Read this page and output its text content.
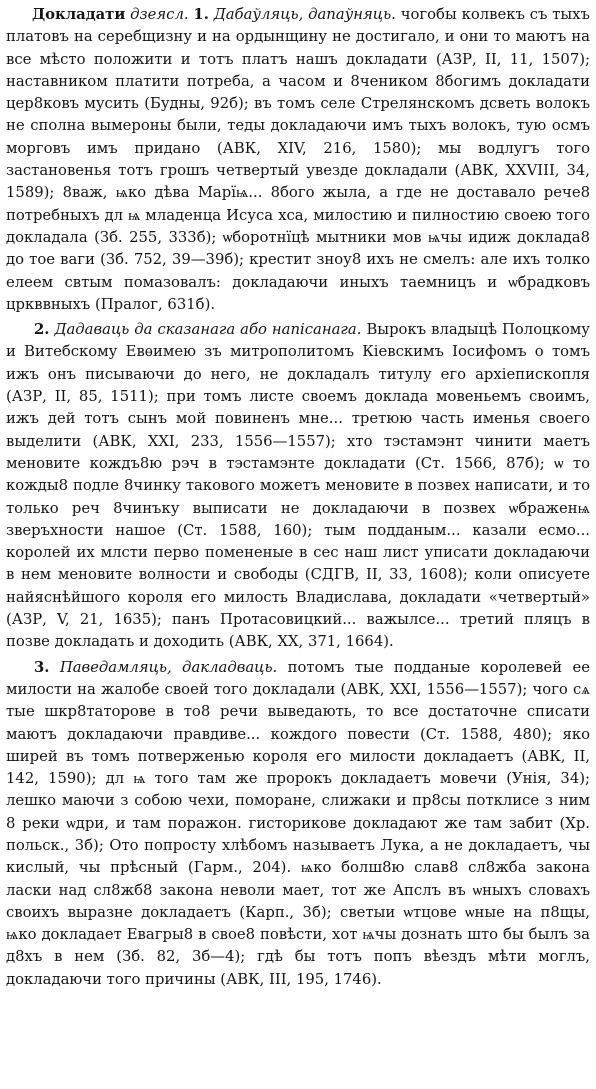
Докладати дзеясл. 1. Дабаўляць, дапаўняць. чогобы колвекъ съ тыхъ платовъ на серебщизну и на ордынщину не достигало, и они то маютъ на все мѣсто положити и тотъ платъ нашъ докладати (АЗР, II, 11, 1507); наставником платити потреба, а часом и 8чеником 8богимъ докладати цер8ковъ мусить (Будны, 92б); въ томъ селе Стрелянскомъ дсветь волокъ не сполна вымероны были, теды докладаючи имъ тыхъ волокъ, тую осмъ морговъ имъ придано (АВК, XIV, 216, 1580); мы водлугъ того застановенья тотъ грошъ четвертый увезде докладали (АВК, XXVIII, 34, 1589); 8важ, ѩко дѣва Марїѩ... 8бого жыла, а где не доставало рече8 потребныхъ дл ѩ младенца Исуса хса, милостию и пилностию своею того докладала (Зб. 255, 333б); ѡборотнїцѣ мытники мов ѩчы идиж доклада8 до тое ваги (Зб. 752, 39—39б); крестит зноу8 ихъ не смелъ: але ихъ толко елеем свтым помазовалъ: докладаючи иныхъ таемницъ и ѡбрадковъ цркввныхъ (Пралог, 631б).

2. Дадаваць да сказанага або напісанага. Вырокъ владыцѣ Полоцкому и Витебскому Евѳимею зъ митрополитомъ Кіевскимъ Іосифомъ о томъ ижъ онъ писываючи до него, не докладалъ титулу его архіепископля (АЗР, II, 85, 1511); при томъ листе своемъ доклада мовеньемъ своимъ, ижъ дей тотъ сынъ мой повиненъ мне... третюю часть именья своего выделити (АВК, XXI, 233, 1556—1557); хто тэстамэнт чинити маетъ меновите кождъ8ю рэч в тэстамэнте докладати (Ст. 1566, 87б); ѡ то кожды8 подле 8чинку такового можетъ меновите в позвех написати, и то только реч 8чинъку выписати не докладаючи в позвех ѡбраженѩ зверъхности нашое (Ст. 1588, 160); тым подданым... казали есмо... королей их млсти перво помененые в сес наш лист уписати докладаючи в нем меновите волности и свободы (СДГВ, II, 33, 1608); коли описуете найяснѣйшого короля его милость Владислава, докладати «четвертый» (АЗР, V, 21, 1635); панъ Протасовицкий... важылсе... третий пляцъ в позве докладать и доходить (АВК, XX, 371, 1664).

3. Паведамляць, дакладваць. потомъ тые подданые королевей ее милости на жалобе своей того докладали (АВК, XXI, 1556—1557); чого сѧ тые шкр8таторове в то8 речи выведають, то все достаточне списати маютъ докладаючи правдиве... кождого повести (Ст. 1588, 480); яко ширей въ томъ потверженью короля его милости докладаетъ (АВК, II, 142, 1590); дл ѩ того там же пророкъ докладаетъ мовечи (Унія, 34); лешко маючи з собою чехи, поморане, слижаки и пр8сы потклисе з ним 8 реки ѡдри, и там поражон. гисторикове докладают же там забит (Хр. польск., 3б); Ото попросту хлѣбомъ называетъ Лука, а не докладаетъ, чы кислый, чы прѣсный (Гарм., 204). ѩко болш8ю слав8 сл8жба закона ласки над сл8жб8 закона неволи мает, тот же Апслъ въ ѡныхъ словахъ своихъ выразне докладаетъ (Карп., 3б); светыи ѡтцове ѡные на п8щы, ѩко докладает Евагры8 в свое8 повѣсти, хот ѩчы дознать што бы былъ за д8хъ в нем (Зб. 82, 3б—4); гдѣ бы тотъ попъ вѣездъ мѣти моглъ, докладаючи того причины (АВК, III, 195, 1746).
